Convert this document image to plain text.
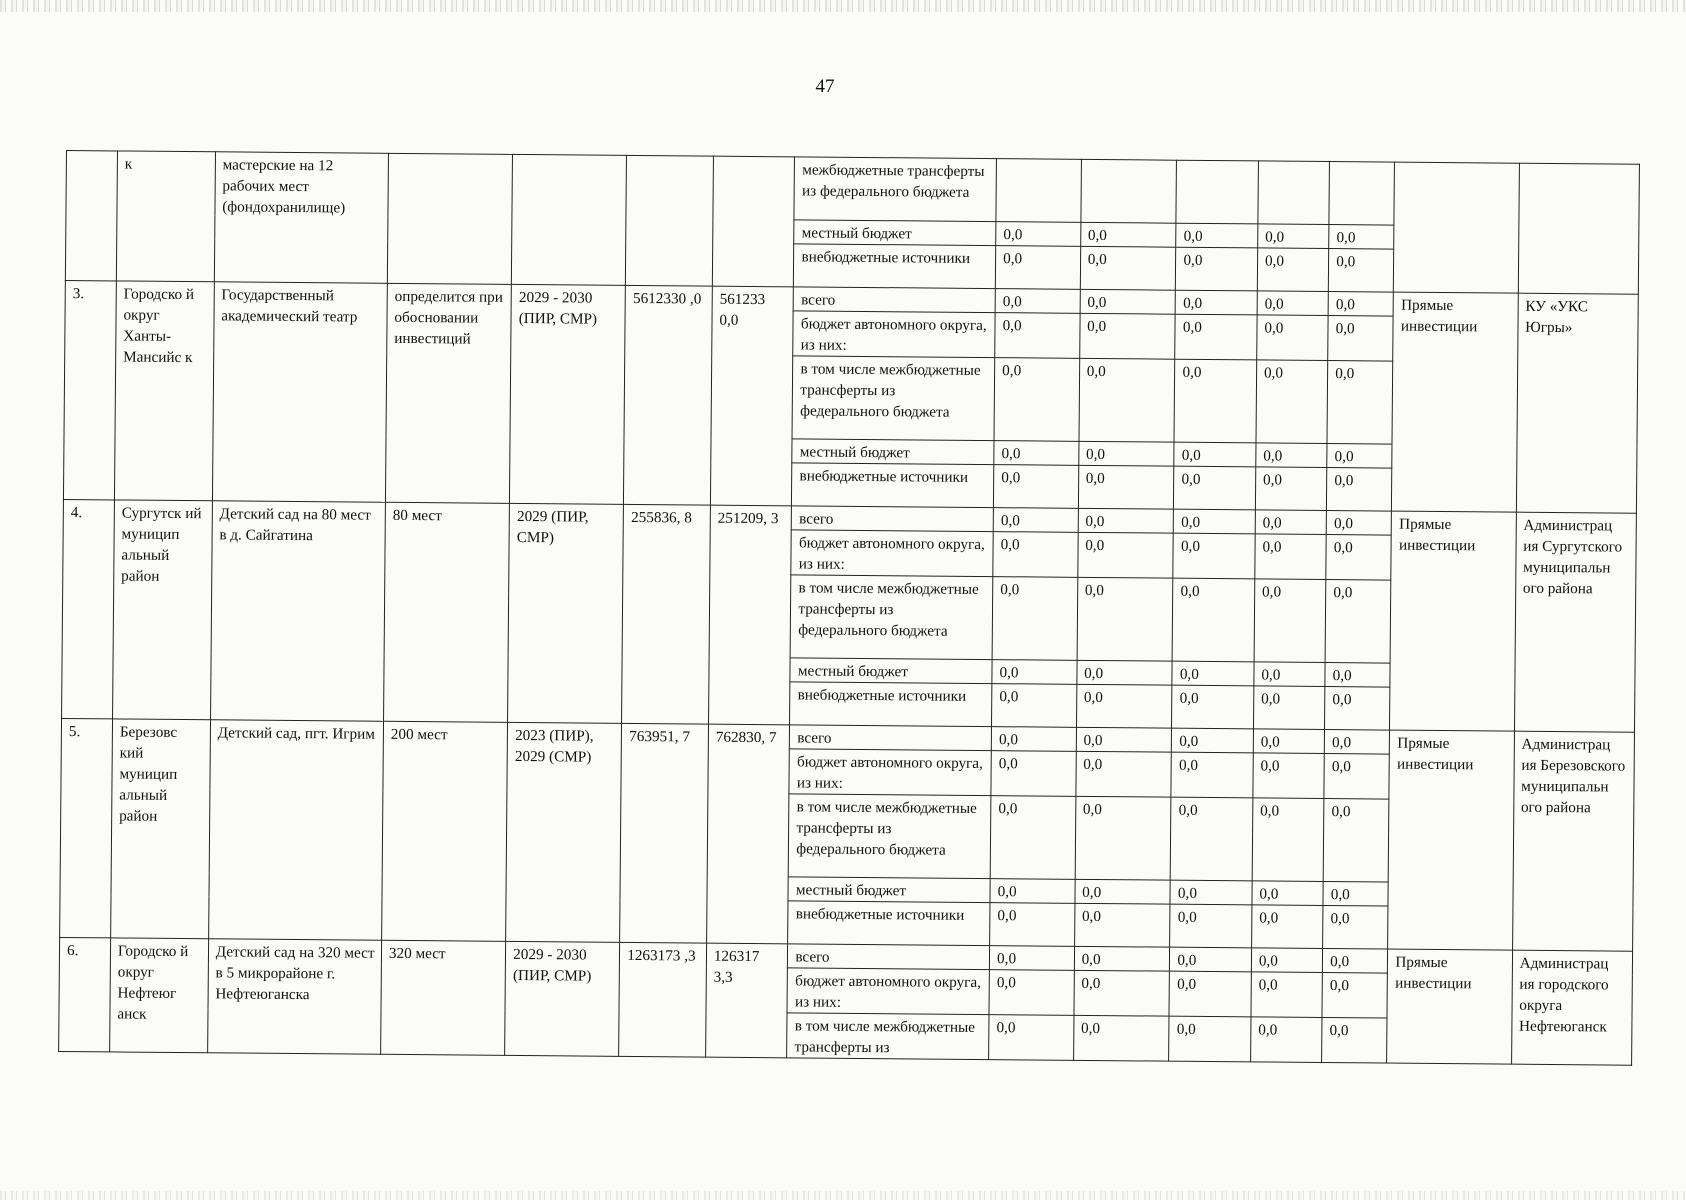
47
	к	мастерские на 12 рабочих мест (фондохранилище)					межбюджетные трансферты из федерального бюджета							
							местный бюджет	0,0	0,0	0,0	0,0	0,0		
							внебюджетные источники	0,0	0,0	0,0	0,0	0,0		
3.	Городско й округ Ханты- Мансийс к	Государственный академический театр	определится при обосновании инвестиций	2029 - 2030 (ПИР, СМР)	5612330 ,0	561233 0,0	всего	0,0	0,0	0,0	0,0	0,0	Прямые инвестиции	КУ «УКС Югры»
							бюджет автономного округа, из них:	0,0	0,0	0,0	0,0	0,0		
							в том числе межбюджетные трансферты из федерального бюджета	0,0	0,0	0,0	0,0	0,0		
							местный бюджет	0,0	0,0	0,0	0,0	0,0		
							внебюджетные источники	0,0	0,0	0,0	0,0	0,0		
4.	Сургутск ий муницип альный район	Детский сад на 80 мест в д. Сайгатина	80 мест	2029 (ПИР, СМР)	255836, 8	251209, 3	всего	0,0	0,0	0,0	0,0	0,0	Прямые инвестиции	Администрац ия Сургутского муниципальн ого района
							бюджет автономного округа, из них:	0,0	0,0	0,0	0,0	0,0		
							в том числе межбюджетные трансферты из федерального бюджета	0,0	0,0	0,0	0,0	0,0		
							местный бюджет	0,0	0,0	0,0	0,0	0,0		
							внебюджетные источники	0,0	0,0	0,0	0,0	0,0		
5.	Березовс кий муницип альный район	Детский сад, пгт. Игрим	200 мест	2023 (ПИР), 2029 (СМР)	763951, 7	762830, 7	всего	0,0	0,0	0,0	0,0	0,0	Прямые инвестиции	Администрац ия Березовского муниципальн ого района
							бюджет автономного округа, из них:	0,0	0,0	0,0	0,0	0,0		
							в том числе межбюджетные трансферты из федерального бюджета	0,0	0,0	0,0	0,0	0,0		
							местный бюджет	0,0	0,0	0,0	0,0	0,0		
							внебюджетные источники	0,0	0,0	0,0	0,0	0,0		
6.	Городско й округ Нефтеюг анск	Детский сад на 320 мест в 5 микрорайоне г. Нефтеюганска	320 мест	2029 - 2030 (ПИР, СМР)	1263173 ,3	126317 3,3	всего	0,0	0,0	0,0	0,0	0,0	Прямые инвестиции	Администрац ия городского округа Нефтеюганск
							бюджет автономного округа, из них:	0,0	0,0	0,0	0,0	0,0		
							в том числе межбюджетные трансферты из	0,0	0,0	0,0	0,0	0,0		
